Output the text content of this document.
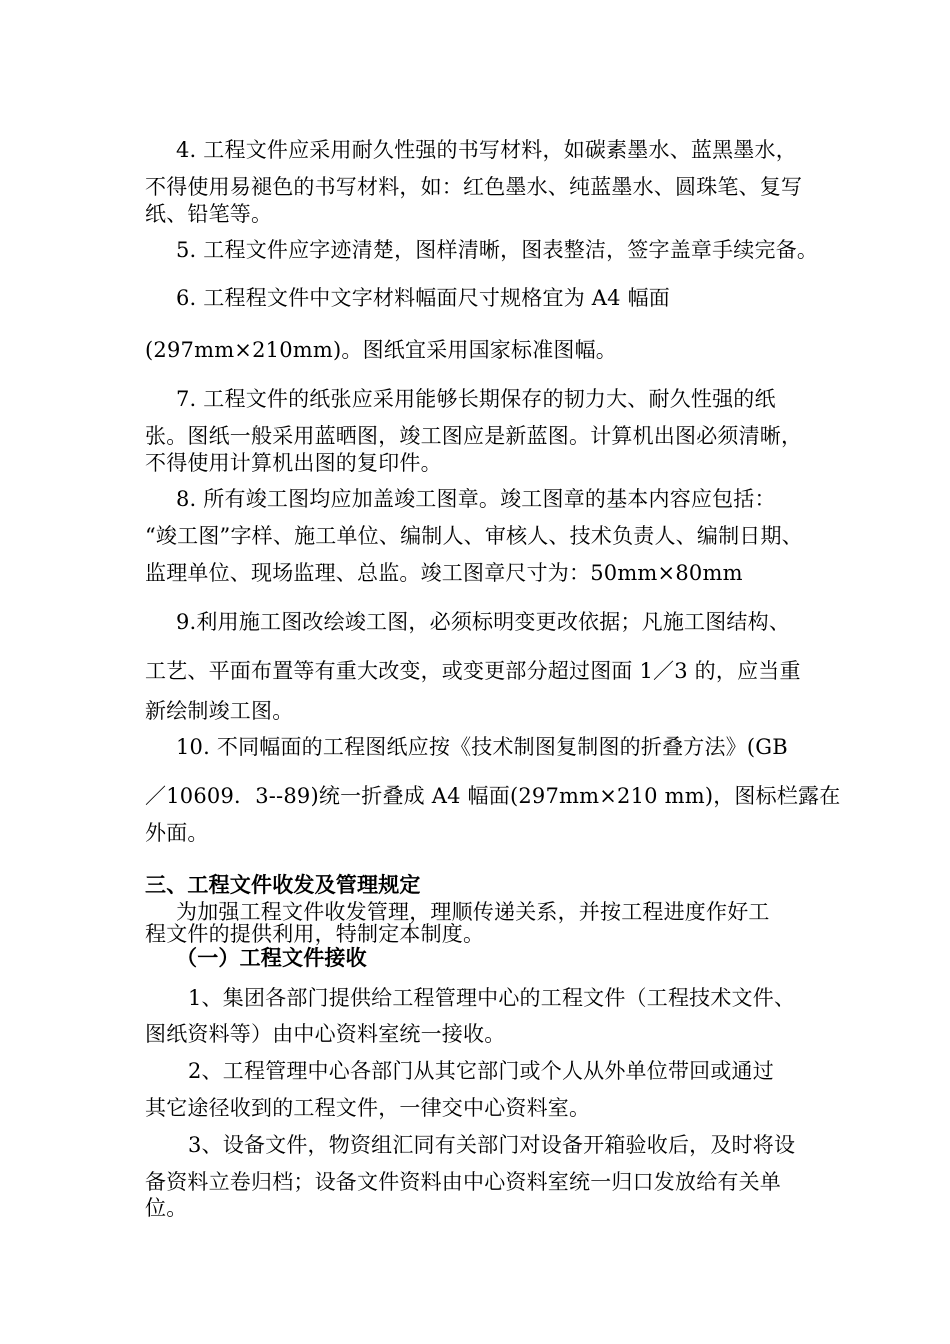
4. 工程文件应采用耐久性强的书写材料，如碳素墨水、蓝黑墨水，
不得使用易褪色的书写材料，如：红色墨水、纯蓝墨水、圆珠笔、复写
纸、铅笔等。
5. 工程文件应字迹清楚，图样清晰，图表整洁，签字盖章手续完备。
6. 工程程文件中文字材料幅面尺寸规格宜为 A4 幅面
(297mm×210mm)。图纸宜采用国家标准图幅。
7. 工程文件的纸张应采用能够长期保存的韧力大、耐久性强的纸
张。图纸一般采用蓝晒图，竣工图应是新蓝图。计算机出图必须清晰，
不得使用计算机出图的复印件。
8. 所有竣工图均应加盖竣工图章。竣工图章的基本内容应包括：
“竣工图”字样、施工单位、编制人、审核人、技术负责人、编制日期、
监理单位、现场监理、总监。竣工图章尺寸为：50mm×80mm
9.利用施工图改绘竣工图，必须标明变更改依据；凡施工图结构、
工艺、平面布置等有重大改变，或变更部分超过图面 1／3 的，应当重
新绘制竣工图。
10. 不同幅面的工程图纸应按《技术制图复制图的折叠方法》(GB
／10609．3--89)统一折叠成 A4 幅面(297mm×210 mm)，图标栏露在
外面。
三、工程文件收发及管理规定
为加强工程文件收发管理，理顺传递关系，并按工程进度作好工
程文件的提供利用，特制定本制度。
（一）工程文件接收
1、集团各部门提供给工程管理中心的工程文件（工程技术文件、
图纸资料等）由中心资料室统一接收。
2、工程管理中心各部门从其它部门或个人从外单位带回或通过
其它途径收到的工程文件，一律交中心资料室。
3、设备文件，物资组汇同有关部门对设备开箱验收后，及时将设
备资料立卷归档；设备文件资料由中心资料室统一归口发放给有关单
位。
